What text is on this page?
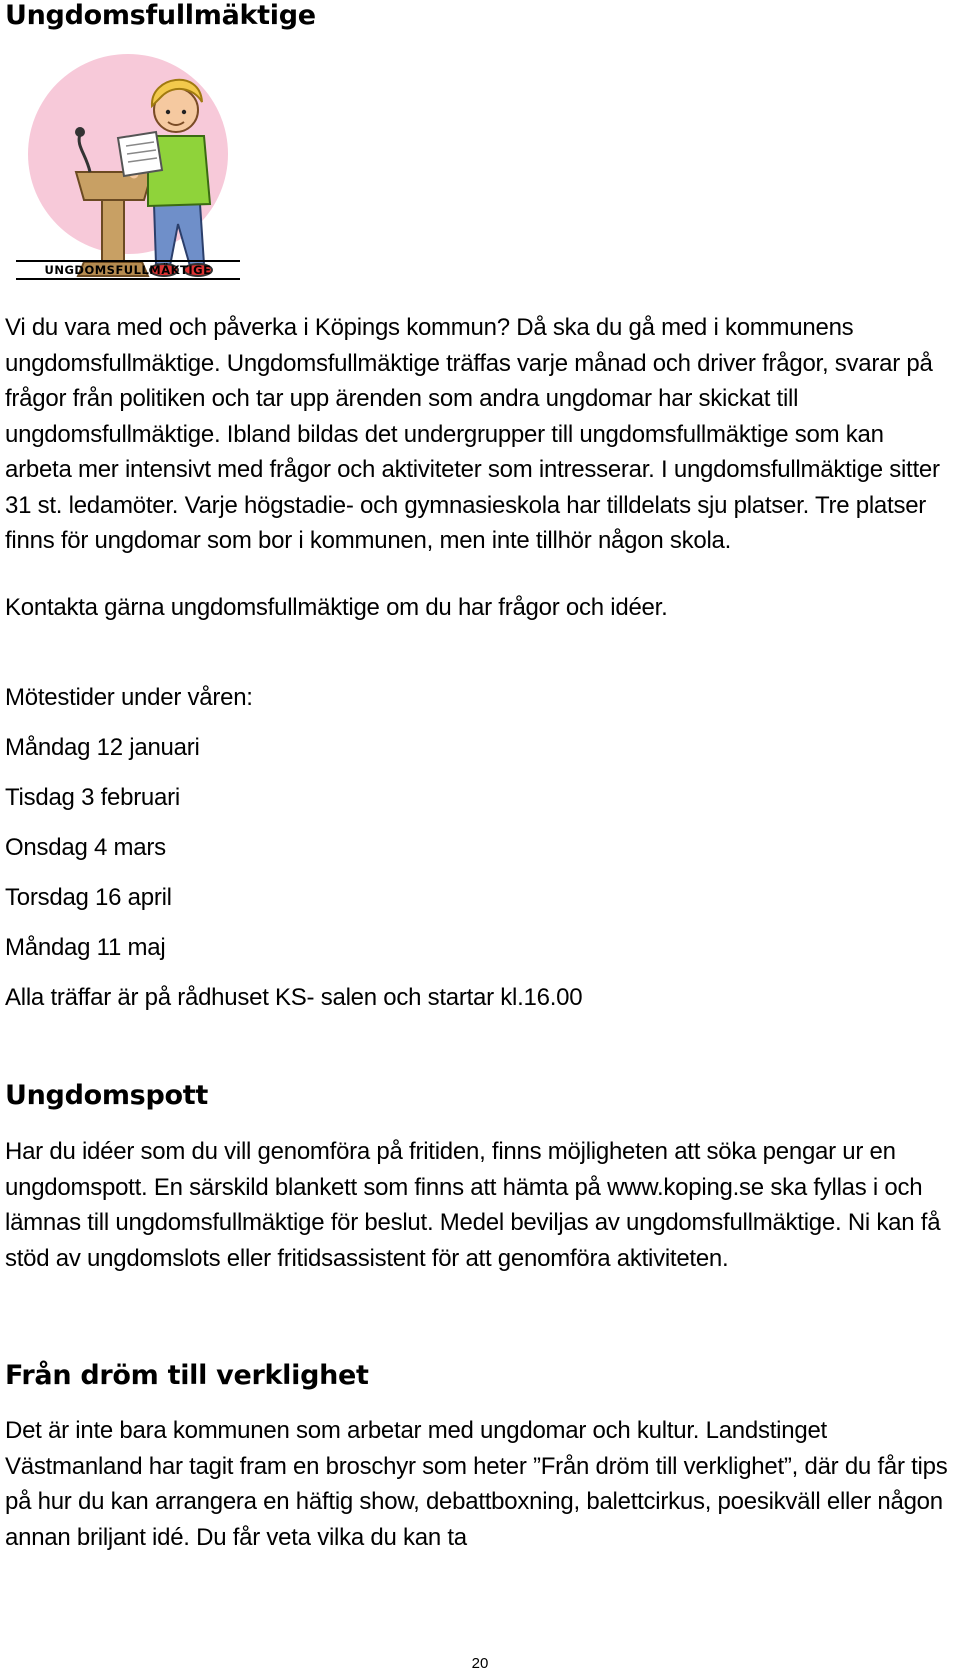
Ungdomsfullmäktige
UNGDOMSFULLMÄKTIGE

Vi du vara med och påverka i Köpings kommun? Då ska du gå med i kommunens ungdomsfullmäktige. Ungdomsfullmäktige träffas varje månad och driver frågor, svarar på frågor från politiken och tar upp ärenden som andra ungdomar har skickat till ungdomsfullmäktige. Ibland bildas det undergrupper till ungdomsfullmäktige som kan arbeta mer intensivt med frågor och aktiviteter som intresserar. I ungdomsfullmäktige sitter 31 st. ledamöter. Varje högstadie- och gymnasieskola har tilldelats sju platser. Tre platser finns för ungdomar som bor i kommunen, men inte tillhör någon skola.

Kontakta gärna ungdomsfullmäktige om du har frågor och idéer.

Mötestider under våren:

Måndag 12 januari

Tisdag 3 februari

Onsdag 4 mars

Torsdag 16 april

Måndag 11 maj

Alla träffar är på rådhuset KS- salen och startar kl.16.00

Ungdomspott

Har du idéer som du vill genomföra på fritiden, finns möjligheten att söka pengar ur en ungdomspott. En särskild blankett som finns att hämta på www.koping.se ska fyllas i och lämnas till ungdomsfullmäktige för beslut. Medel beviljas av ungdomsfullmäktige. Ni kan få stöd av ungdomslots eller fritidsassistent för att genomföra aktiviteten.

Från dröm till verklighet

Det är inte bara kommunen som arbetar med ungdomar och kultur. Landstinget Västmanland har tagit fram en broschyr som heter ”Från dröm till verklighet”, där du får tips på hur du kan arrangera en häftig show, debattboxning, balettcirkus, poesikväll eller någon annan briljant idé. Du får veta vilka du kan ta

20
